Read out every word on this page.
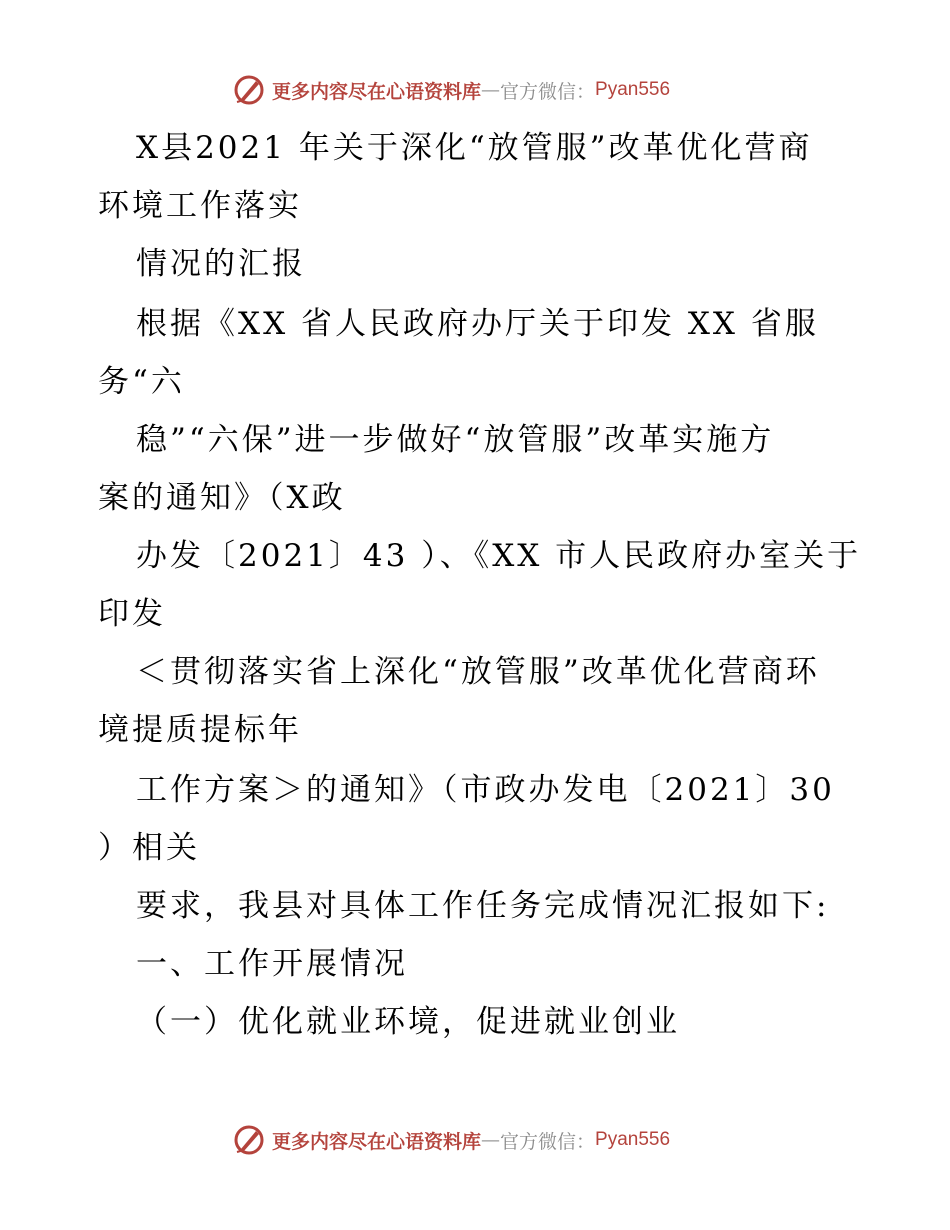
更多内容尽在心语资料库 — 官方微信： Pyan556
X县2021 年关于深化“放管服”改革优化营商
环境工作落实
情况的汇报
根据《XX 省人民政府办厅关于印发 XX 省服
务“六
稳”“六保”进一步做好“放管服”改革实施方
案的通知》（X政
办发〔2021〕43 ）、《XX 市人民政府办室关于
印发
＜贯彻落实省上深化“放管服”改革优化营商环
境提质提标年
工作方案＞的通知》（市政办发电〔2021〕30
）相关
要求，我县对具体工作任务完成情况汇报如下:
一、工作开展情况
（一）优化就业环境，促进就业创业
更多内容尽在心语资料库 — 官方微信： Pyan556
